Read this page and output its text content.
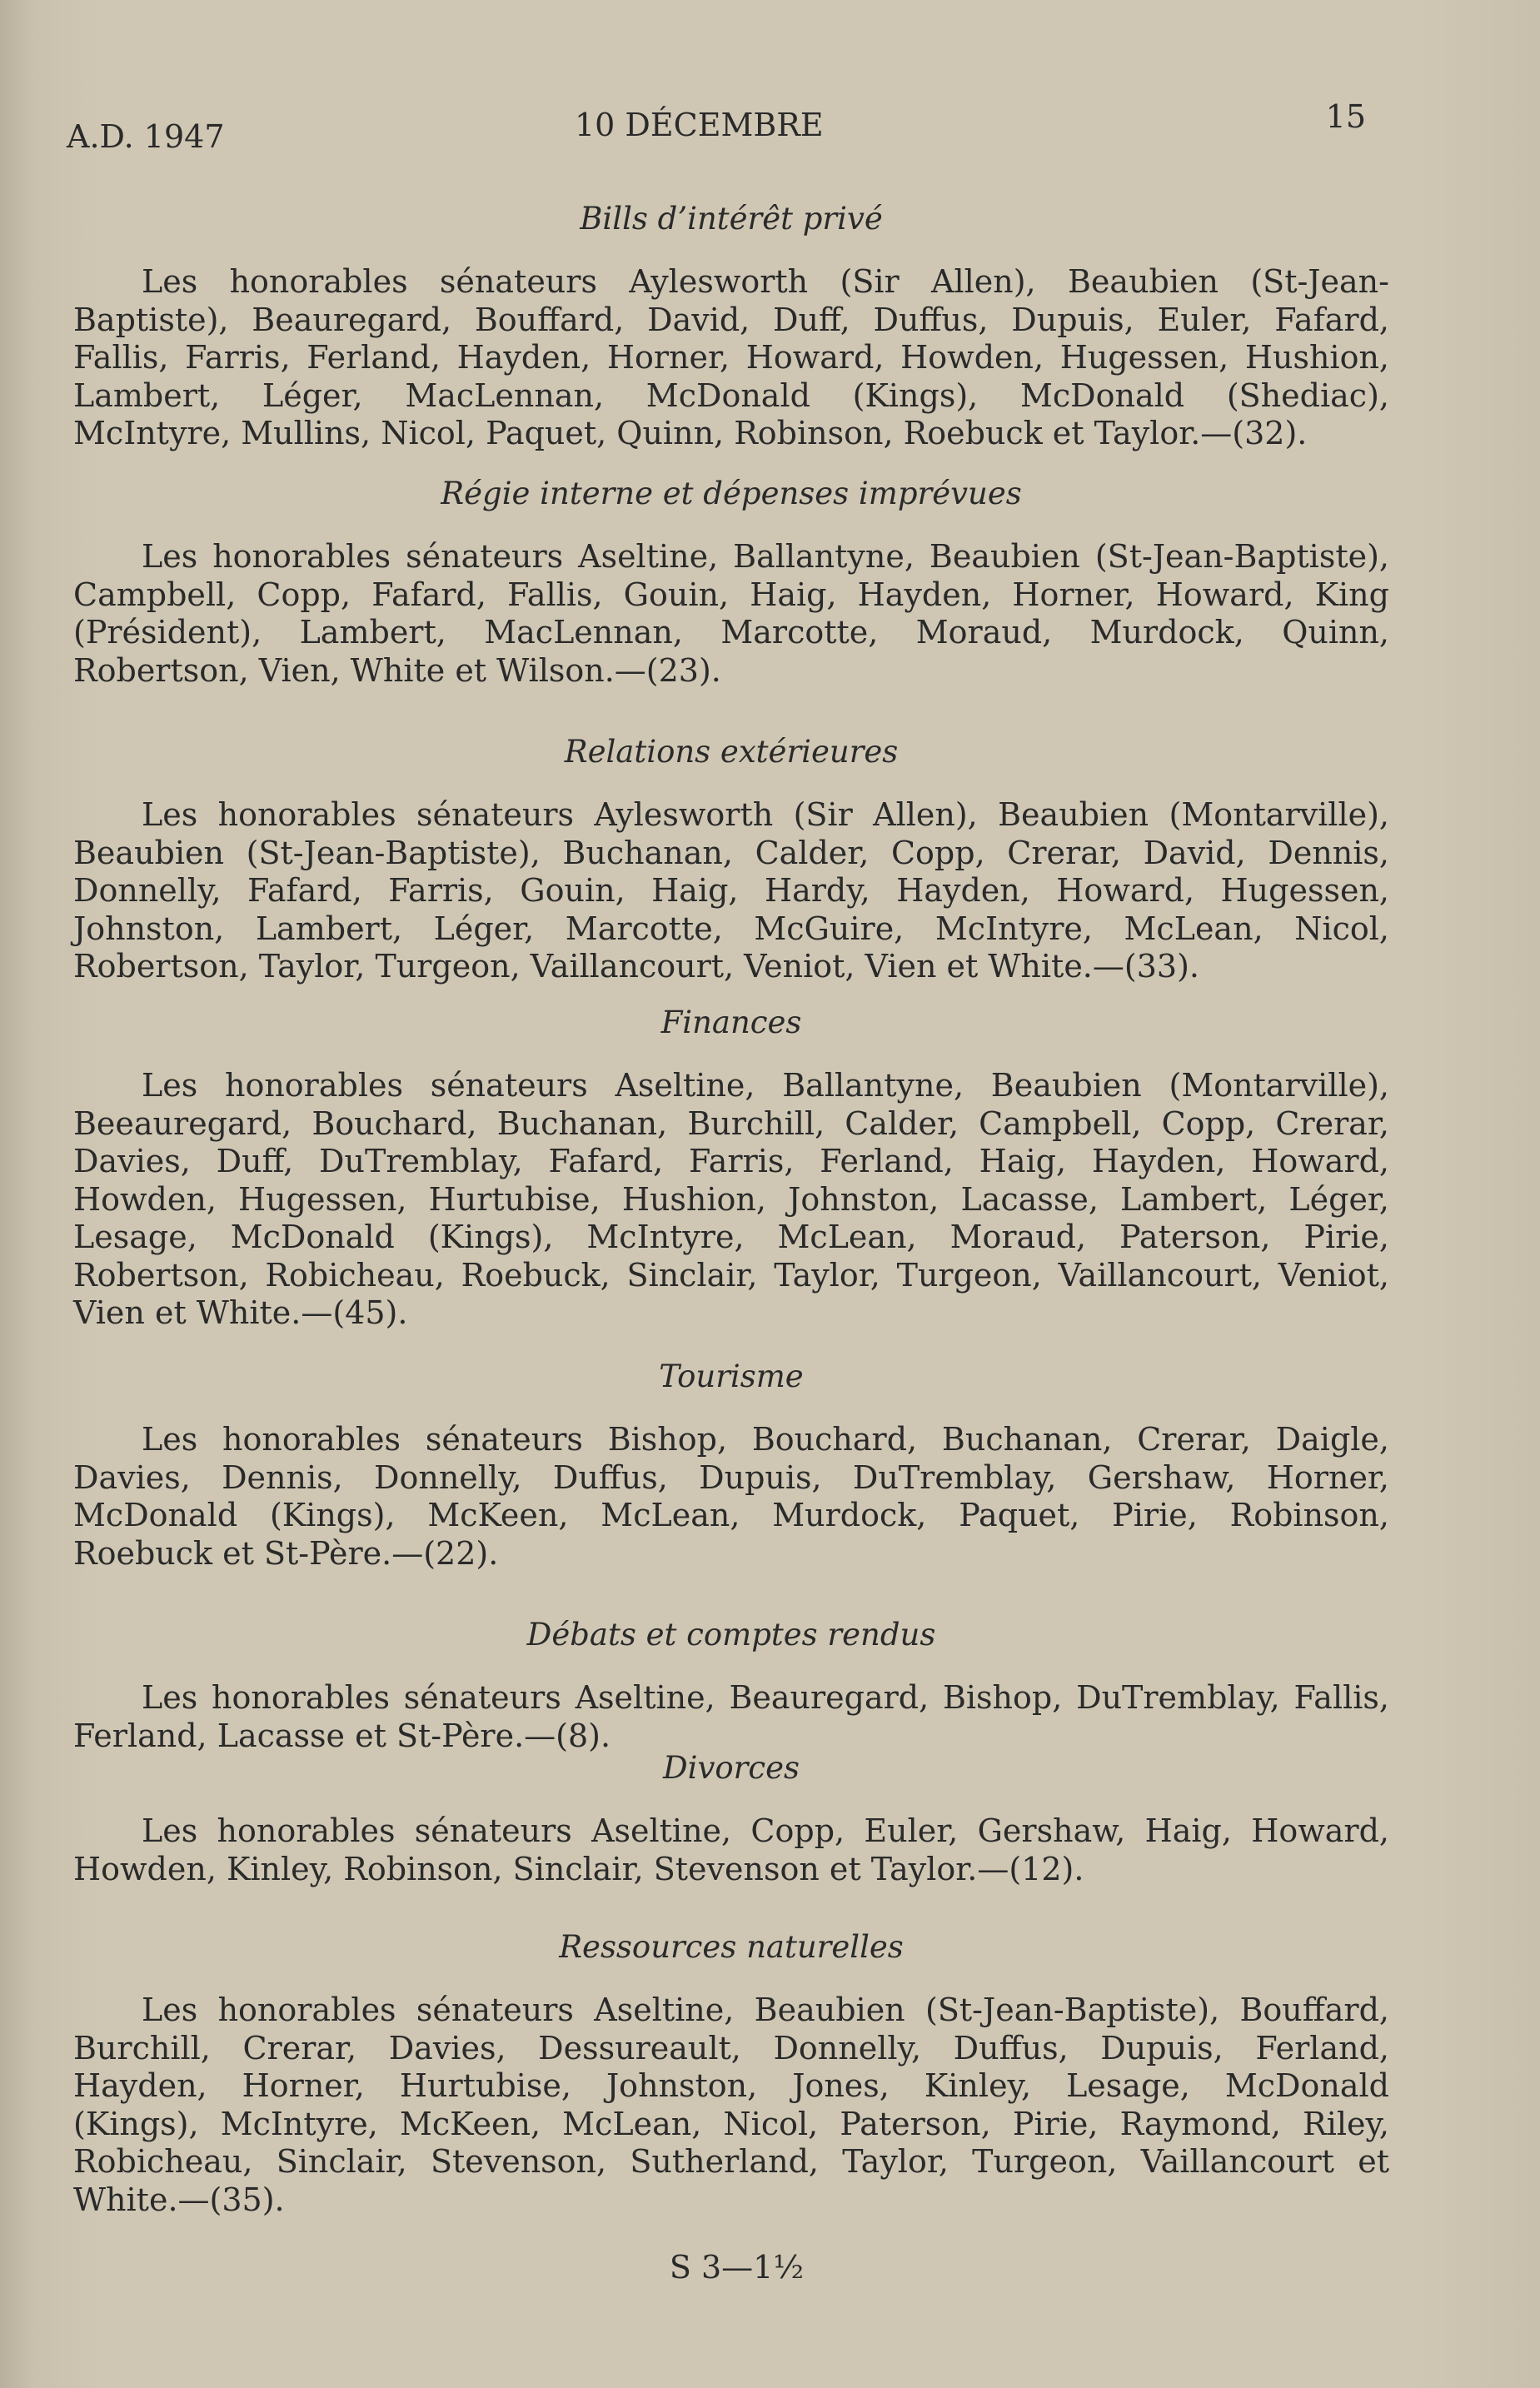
A.D. 1947	10 DÉCEMBRE	15
Bills d’intérêt privé
Les honorables sénateurs Aylesworth (Sir Allen), Beaubien (St-Jean-
Baptiste), Beauregard, Bouffard, David, Duff, Duffus, Dupuis, Euler, Fafard,
Fallis, Farris, Ferland, Hayden, Horner, Howard, Howden, Hugessen, Hushion,
Lambert, Léger, MacLennan, McDonald (Kings), McDonald (Shediac),
McIntyre, Mullins, Nicol, Paquet, Quinn, Robinson, Roebuck et Taylor.—(32).
Régie interne et dépenses imprévues
Les honorables sénateurs Aseltine, Ballantyne, Beaubien (St-Jean-Baptiste),
Campbell, Copp, Fafard, Fallis, Gouin, Haig, Hayden, Horner, Howard, King
(Président), Lambert, MacLennan, Marcotte, Moraud, Murdock, Quinn,
Robertson, Vien, White et Wilson.—(23).
Relations extérieures
Les honorables sénateurs Aylesworth (Sir Allen), Beaubien (Montarville),
Beaubien (St-Jean-Baptiste), Buchanan, Calder, Copp, Crerar, David, Dennis,
Donnelly, Fafard, Farris, Gouin, Haig, Hardy, Hayden, Howard, Hugessen,
Johnston, Lambert, Léger, Marcotte, McGuire, McIntyre, McLean, Nicol,
Robertson, Taylor, Turgeon, Vaillancourt, Veniot, Vien et White.—(33).
Finances
Les honorables sénateurs Aseltine, Ballantyne, Beaubien (Montarville),
Beeauregard, Bouchard, Buchanan, Burchill, Calder, Campbell, Copp, Crerar,
Davies, Duff, DuTremblay, Fafard, Farris, Ferland, Haig, Hayden, Howard,
Howden, Hugessen, Hurtubise, Hushion, Johnston, Lacasse, Lambert, Léger,
Lesage, McDonald (Kings), McIntyre, McLean, Moraud, Paterson, Pirie,
Robertson, Robicheau, Roebuck, Sinclair, Taylor, Turgeon, Vaillancourt, Veniot,
Vien et White.—(45).
Tourisme
Les honorables sénateurs Bishop, Bouchard, Buchanan, Crerar, Daigle,
Davies, Dennis, Donnelly, Duffus, Dupuis, DuTremblay, Gershaw, Horner,
McDonald (Kings), McKeen, McLean, Murdock, Paquet, Pirie, Robinson,
Roebuck et St-Père.—(22).
Débats et comptes rendus
Les honorables sénateurs Aseltine, Beauregard, Bishop, DuTremblay, Fallis,
Ferland, Lacasse et St-Père.—(8).
Divorces
Les honorables sénateurs Aseltine, Copp, Euler, Gershaw, Haig, Howard,
Howden, Kinley, Robinson, Sinclair, Stevenson et Taylor.—(12).
Ressources naturelles
Les honorables sénateurs Aseltine, Beaubien (St-Jean-Baptiste), Bouffard,
Burchill, Crerar, Davies, Dessureault, Donnelly, Duffus, Dupuis, Ferland,
Hayden, Horner, Hurtubise, Johnston, Jones, Kinley, Lesage, McDonald
(Kings), McIntyre, McKeen, McLean, Nicol, Paterson, Pirie, Raymond, Riley,
Robicheau, Sinclair, Stevenson, Sutherland, Taylor, Turgeon, Vaillancourt et
White.—(35).
S 3—1½
